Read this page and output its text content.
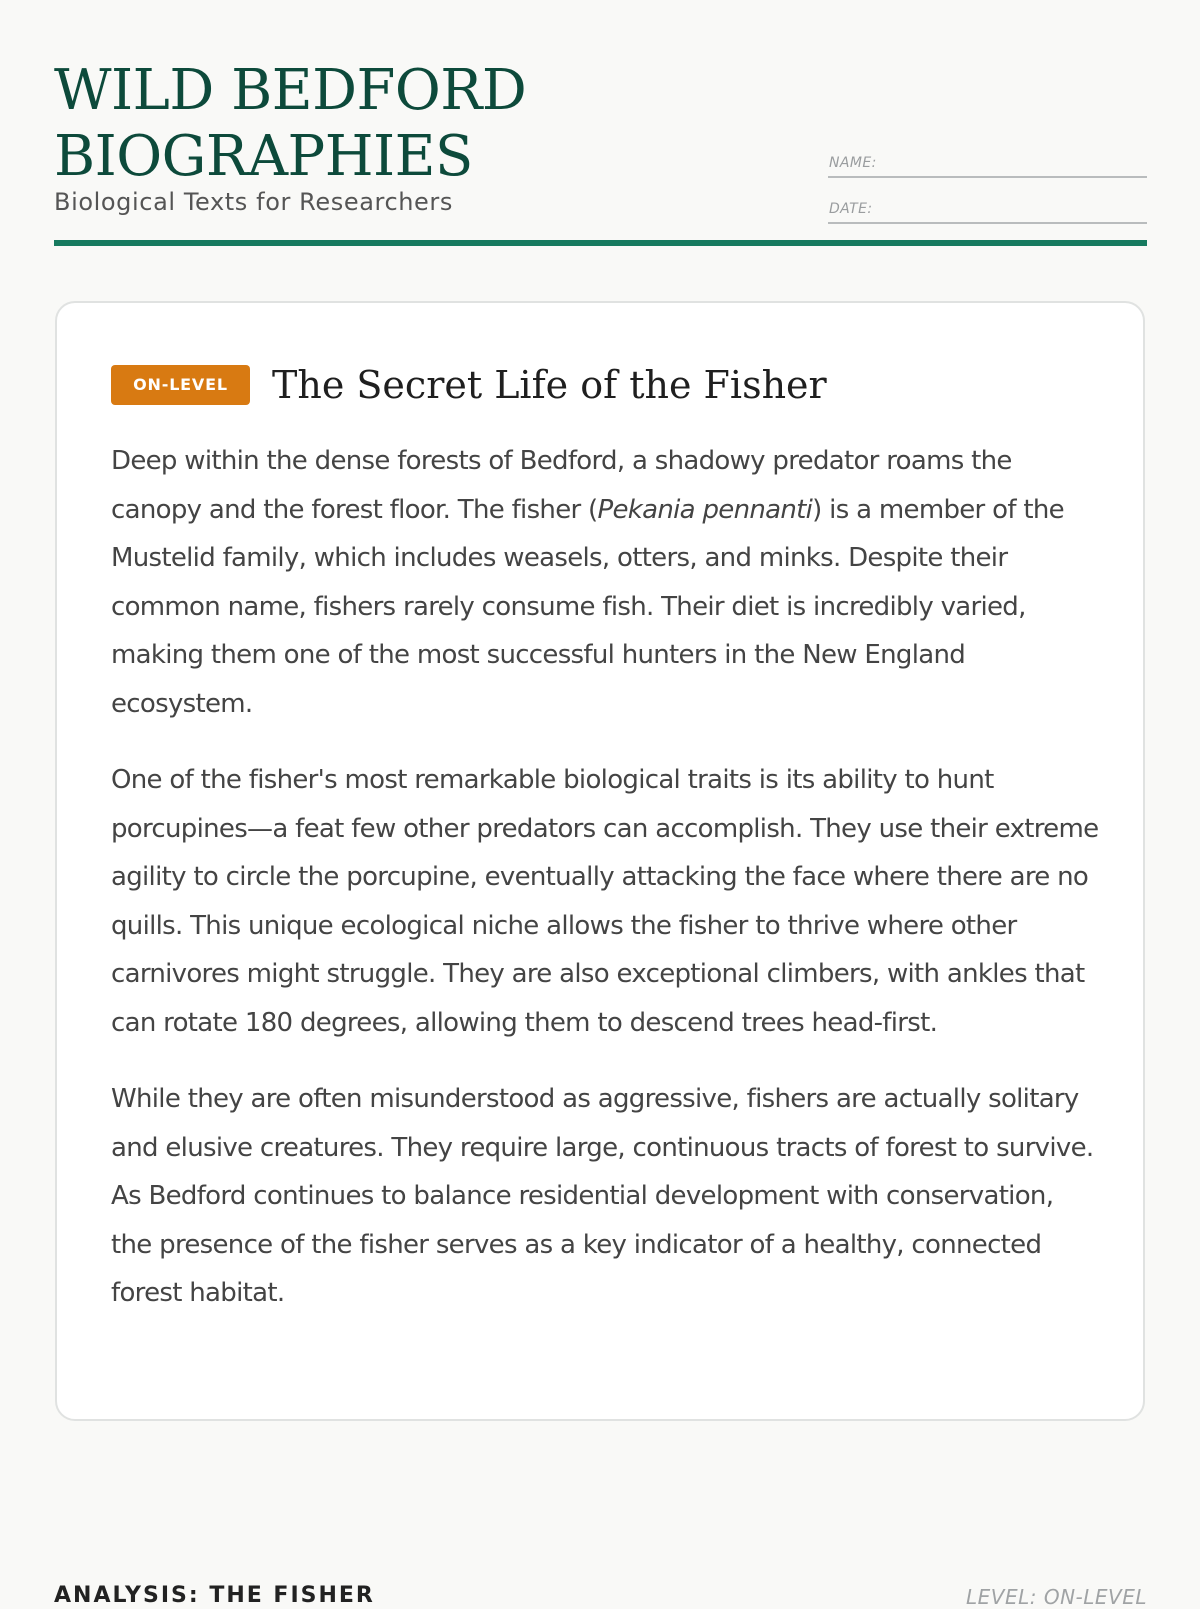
WILD BEDFORD
BIOGRAPHIES
Biological Texts for Researchers
NAME:
DATE:
ON-LEVEL	The Secret Life of the Fisher

Deep within the dense forests of Bedford, a shadowy predator roams the canopy and the forest floor. The fisher (Pekania pennanti) is a member of the Mustelid family, which includes weasels, otters, and minks. Despite their common name, fishers rarely consume fish. Their diet is incredibly varied, making them one of the most successful hunters in the New England ecosystem.

One of the fisher's most remarkable biological traits is its ability to hunt porcupines—a feat few other predators can accomplish. They use their extreme agility to circle the porcupine, eventually attacking the face where there are no quills. This unique ecological niche allows the fisher to thrive where other carnivores might struggle. They are also exceptional climbers, with ankles that can rotate 180 degrees, allowing them to descend trees head-first.

While they are often misunderstood as aggressive, fishers are actually solitary and elusive creatures. They require large, continuous tracts of forest to survive. As Bedford continues to balance residential development with conservation, the presence of the fisher serves as a key indicator of a healthy, connected forest habitat.

ANALYSIS: THE FISHER	LEVEL: ON-LEVEL
